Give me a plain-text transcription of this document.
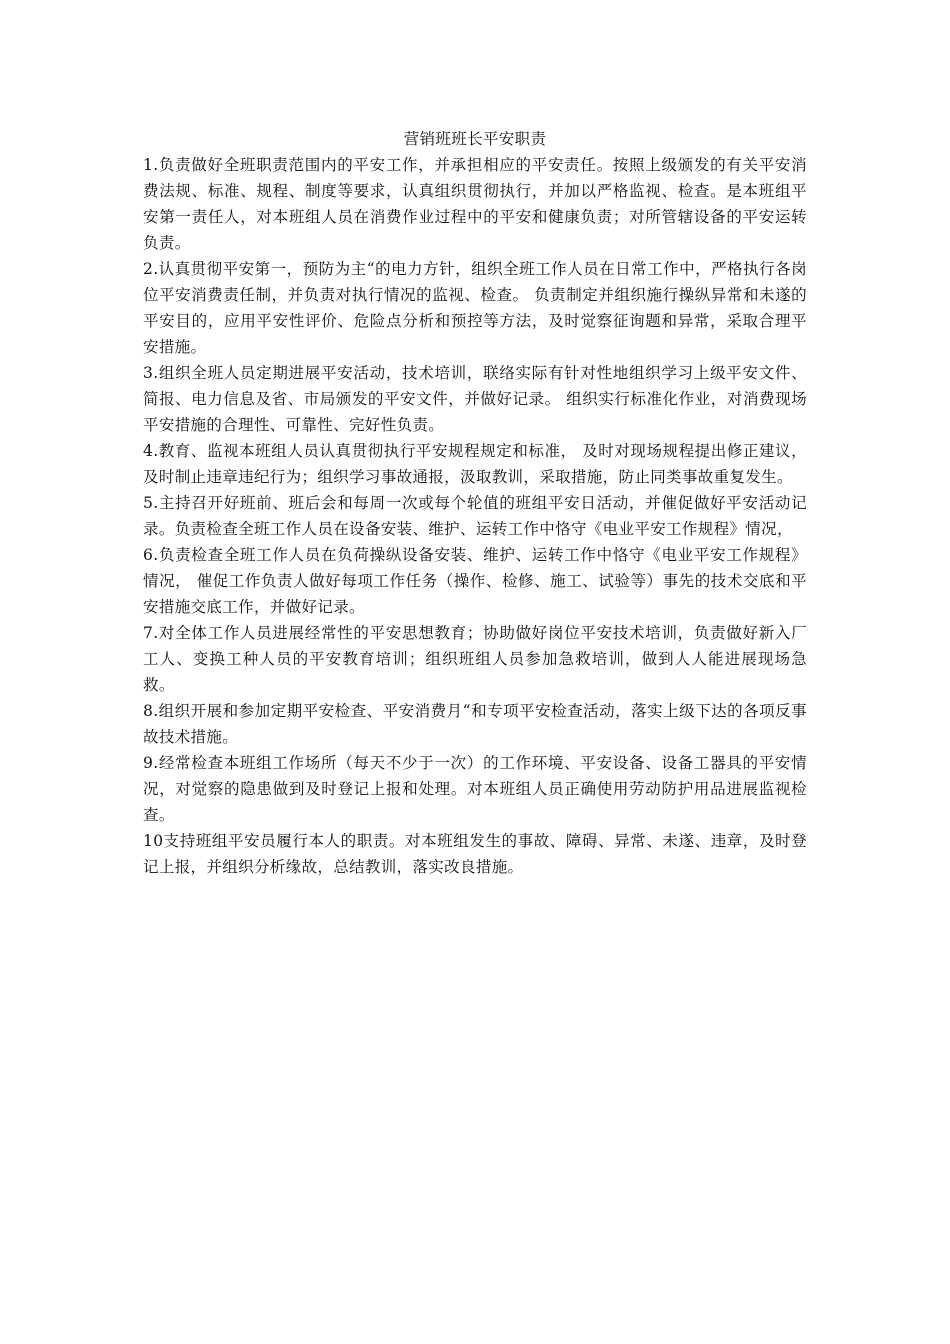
营销班班长平安职责

1.负责做好全班职责范围内的平安工作，并承担相应的平安责任。按照上级颁发的有关平安消费法规、标准、规程、制度等要求，认真组织贯彻执行，并加以严格监视、检查。是本班组平安第一责任人，对本班组人员在消费作业过程中的平安和健康负责；对所管辖设备的平安运转负责。

2.认真贯彻平安第一，预防为主“的电力方针，组织全班工作人员在日常工作中，严格执行各岗位平安消费责任制，并负责对执行情况的监视、检查。 负责制定并组织施行操纵异常和未遂的平安目的，应用平安性评价、危险点分析和预控等方法，及时觉察征询题和异常，采取合理平安措施。

3.组织全班人员定期进展平安活动，技术培训，联络实际有针对性地组织学习上级平安文件、简报、电力信息及省、市局颁发的平安文件，并做好记录。 组织实行标准化作业，对消费现场平安措施的合理性、可靠性、完好性负责。

4.教育、监视本班组人员认真贯彻执行平安规程规定和标准， 及时对现场规程提出修正建议，及时制止违章违纪行为；组织学习事故通报，汲取教训，采取措施，防止同类事故重复发生。

5.主持召开好班前、班后会和每周一次或每个轮值的班组平安日活动，并催促做好平安活动记录。负责检查全班工作人员在设备安装、维护、运转工作中恪守《电业平安工作规程》情况，

6.负责检查全班工作人员在负荷操纵设备安装、维护、运转工作中恪守《电业平安工作规程》情况， 催促工作负责人做好每项工作任务（操作、检修、施工、试验等）事先的技术交底和平安措施交底工作，并做好记录。

7.对全体工作人员进展经常性的平安思想教育；协助做好岗位平安技术培训，负责做好新入厂工人、变换工种人员的平安教育培训；组织班组人员参加急救培训，做到人人能进展现场急救。

8.组织开展和参加定期平安检查、平安消费月“和专项平安检查活动，落实上级下达的各项反事故技术措施。

9.经常检查本班组工作场所（每天不少于一次）的工作环境、平安设备、设备工器具的平安情况，对觉察的隐患做到及时登记上报和处理。对本班组人员正确使用劳动防护用品进展监视检查。

10支持班组平安员履行本人的职责。对本班组发生的事故、障碍、异常、未遂、违章，及时登记上报，并组织分析缘故，总结教训，落实改良措施。
